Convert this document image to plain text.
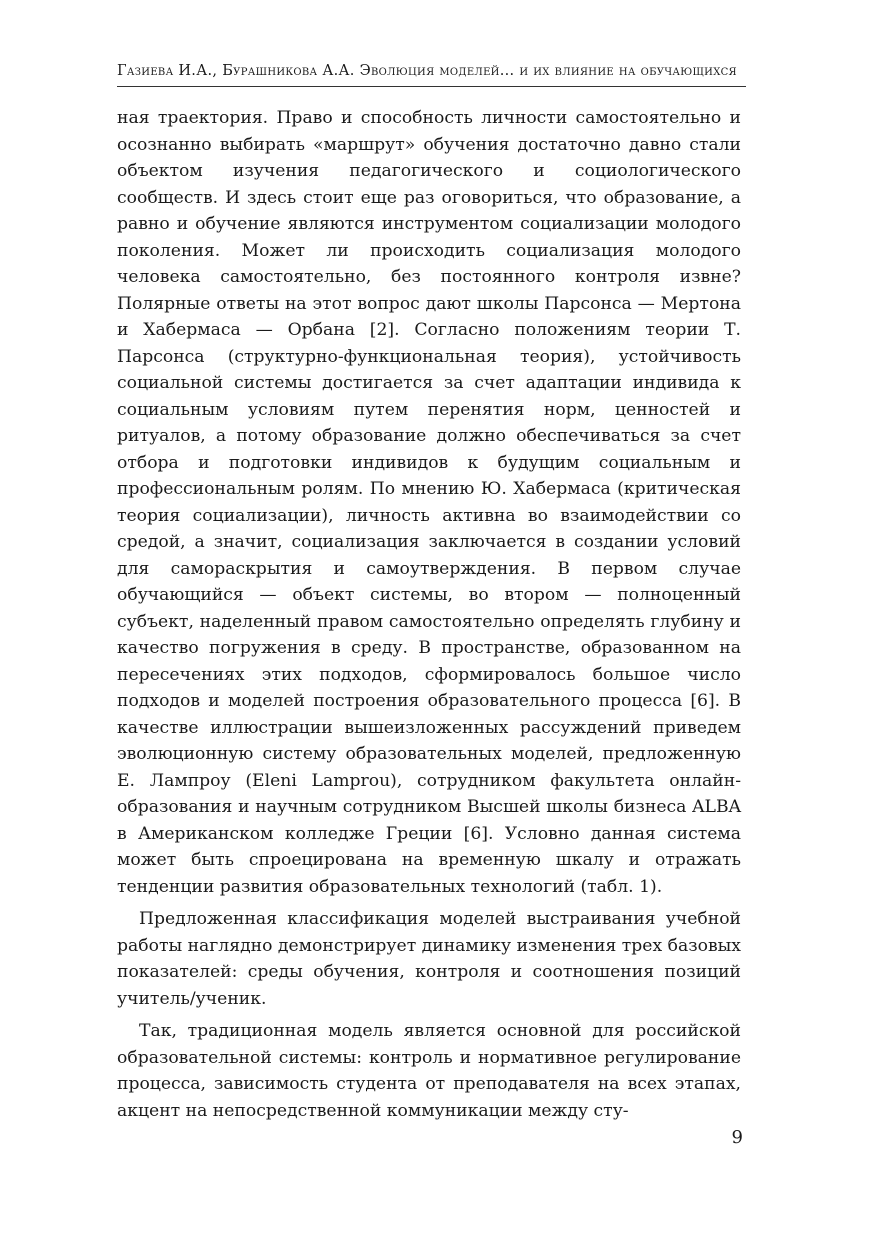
Газиева И.А., Бурашникова А.А. Эволюция моделей... и их влияние на обучающихся

ная траектория. Право и способность личности самостоятельно и осознанно выбирать «маршрут» обучения достаточно давно стали объектом изучения педагогического и социологического сообществ. И здесь стоит еще раз оговориться, что образование, а равно и обучение являются инструментом социализации молодого поколения. Может ли происходить социализация молодого человека самостоятельно, без постоянного контроля извне? Полярные ответы на этот вопрос дают школы Парсонса — Мертона и Хабермаса — Орбана [2]. Согласно положениям теории Т. Парсонса (структурно-функциональная теория), устойчивость социальной системы достигается за счет адаптации индивида к социальным условиям путем перенятия норм, ценностей и ритуалов, а потому образование должно обеспечиваться за счет отбора и подготовки индивидов к будущим социальным и профессиональным ролям. По мнению Ю. Хабермаса (критическая теория социализации), личность активна во взаимодействии со средой, а значит, социализация заключается в создании условий для самораскрытия и самоутверждения. В первом случае обучающийся — объект системы, во втором — полноценный субъект, наделенный правом самостоятельно определять глубину и качество погружения в среду. В пространстве, образованном на пересечениях этих подходов, сформировалось большое число подходов и моделей построения образовательного процесса [6]. В качестве иллюстрации вышеизложенных рассуждений приведем эволюционную систему образовательных моделей, предложенную Е. Лампроу (Eleni Lamprou), сотрудником факультета онлайн-образования и научным сотрудником Высшей школы бизнеса ALBA в Американском колледже Греции [6]. Условно данная система может быть спроецирована на временную шкалу и отражать тенденции развития образовательных технологий (табл. 1).

Предложенная классификация моделей выстраивания учебной работы наглядно демонстрирует динамику изменения трех базовых показателей: среды обучения, контроля и соотношения позиций учитель/ученик.

Так, традиционная модель является основной для российской образовательной системы: контроль и нормативное регулирование процесса, зависимость студента от преподавателя на всех этапах, акцент на непосредственной коммуникации между сту-

9
